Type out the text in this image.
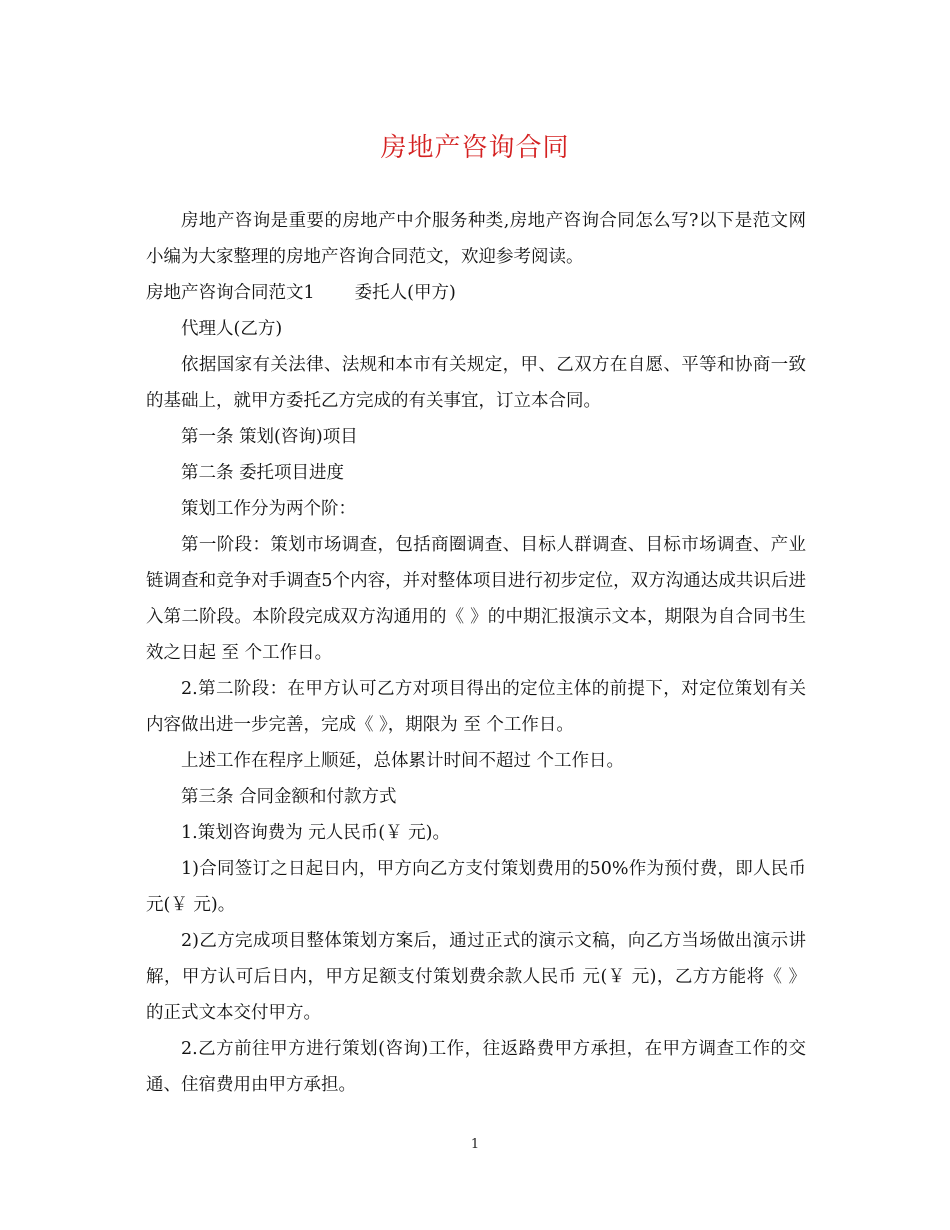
房地产咨询合同

房地产咨询是重要的房地产中介服务种类,房地产咨询合同怎么写?以下是范文网小编为大家整理的房地产咨询合同范文，欢迎参考阅读。

房地产咨询合同范文1 委托人(甲方)

代理人(乙方)

依据国家有关法律、法规和本市有关规定，甲、乙双方在自愿、平等和协商一致的基础上，就甲方委托乙方完成的有关事宜，订立本合同。

第一条 策划(咨询)项目

第二条 委托项目进度

策划工作分为两个阶：

第一阶段：策划市场调查，包括商圈调查、目标人群调查、目标市场调查、产业链调查和竞争对手调查5个内容，并对整体项目进行初步定位，双方沟通达成共识后进入第二阶段。本阶段完成双方沟通用的《 》的中期汇报演示文本，期限为自合同书生效之日起 至 个工作日。

2.第二阶段：在甲方认可乙方对项目得出的定位主体的前提下，对定位策划有关内容做出进一步完善，完成《 》，期限为 至 个工作日。

上述工作在程序上顺延，总体累计时间不超过 个工作日。

第三条 合同金额和付款方式

1.策划咨询费为 元人民币(￥ 元)。

1)合同签订之日起日内，甲方向乙方支付策划费用的50%作为预付费，即人民币 元(￥ 元)。

2)乙方完成项目整体策划方案后，通过正式的演示文稿，向乙方当场做出演示讲解，甲方认可后日内，甲方足额支付策划费余款人民币 元(￥ 元)，乙方方能将《 》的正式文本交付甲方。

2.乙方前往甲方进行策划(咨询)工作，往返路费甲方承担，在甲方调查工作的交通、住宿费用由甲方承担。

1
